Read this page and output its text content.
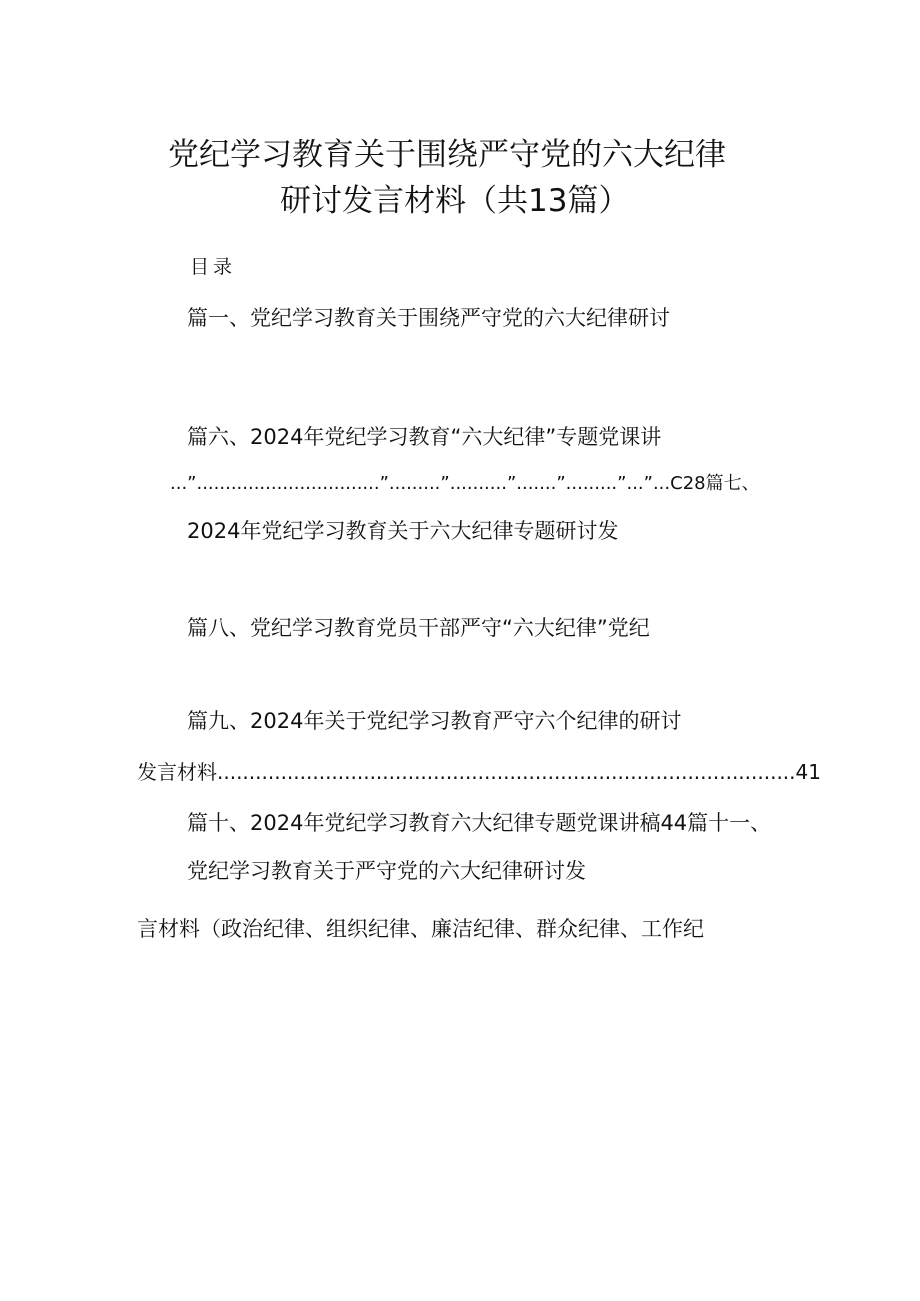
党纪学习教育关于围绕严守党的六大纪律
研讨发言材料（共13篇）
目录
篇一、党纪学习教育关于围绕严守党的六大纪律研讨
篇六、2024年党纪学习教育“六大纪律”专题党课讲
...”................................”.........”..........”.......”.........”...”...C28篇七、
2024年党纪学习教育关于六大纪律专题研讨发
篇八、党纪学习教育党员干部严守“六大纪律”党纪
篇九、2024年关于党纪学习教育严守六个纪律的研讨
发言材料...........................................................................................41
篇十、2024年党纪学习教育六大纪律专题党课讲稿44篇十一、
党纪学习教育关于严守党的六大纪律研讨发
言材料（政治纪律、组织纪律、廉洁纪律、群众纪律、工作纪
